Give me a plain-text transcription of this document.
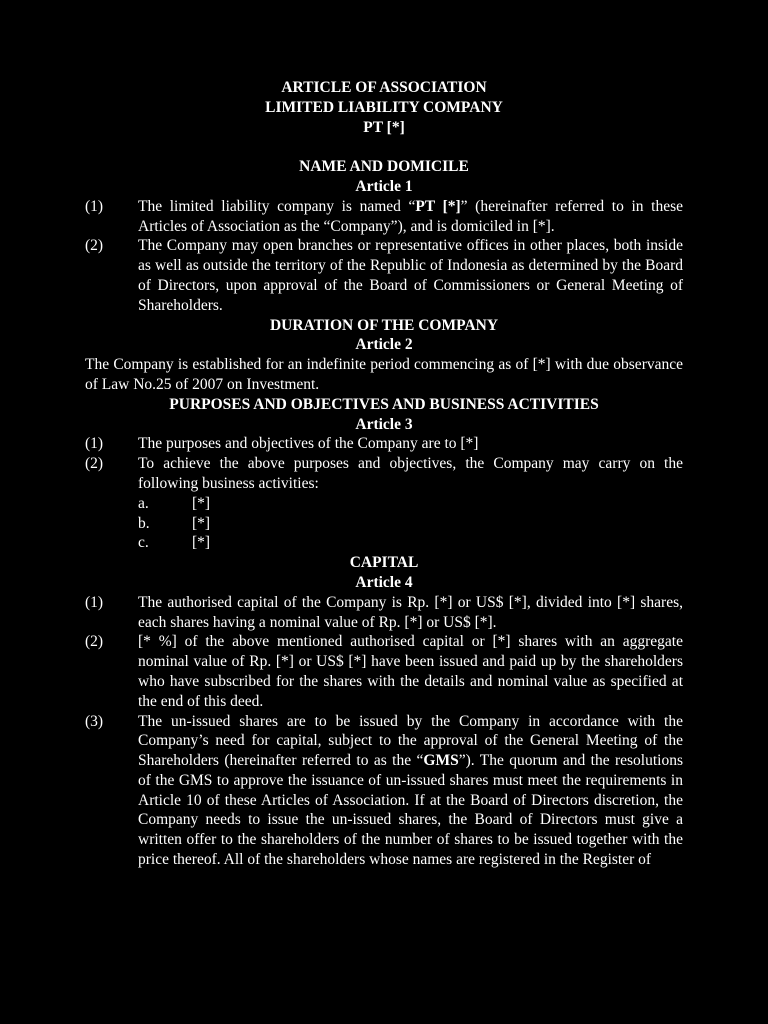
ARTICLE OF ASSOCIATION
LIMITED LIABILITY COMPANY
PT [*]
NAME AND DOMICILE
Article 1
(1)	The limited liability company is named “PT [*]” (hereinafter referred to in these Articles of Association as the “Company”), and is domiciled in [*].
(2)	The Company may open branches or representative offices in other places, both inside as well as outside the territory of the Republic of Indonesia as determined by the Board of Directors, upon approval of the Board of Commissioners or General Meeting of Shareholders.
DURATION OF THE COMPANY
Article 2
The Company is established for an indefinite period commencing as of [*] with due observance of Law No.25 of 2007 on Investment.
PURPOSES AND OBJECTIVES AND BUSINESS ACTIVITIES
Article 3
(1)	The purposes and objectives of the Company are to [*]
(2)	To achieve the above purposes and objectives, the Company may carry on the following business activities:
a.	[*]
b.	[*]
c.	[*]
CAPITAL
Article 4
(1)	The authorised capital of the Company is Rp. [*] or US$ [*], divided into [*] shares, each shares having a nominal value of Rp. [*] or US$ [*].
(2)	[* %] of the above mentioned authorised capital or [*] shares with an aggregate nominal value of Rp. [*] or US$ [*] have been issued and paid up by the shareholders who have subscribed for the shares with the details and nominal value as specified at the end of this deed.
(3)	The un-issued shares are to be issued by the Company in accordance with the Company’s need for capital, subject to the approval of the General Meeting of the Shareholders (hereinafter referred to as the “GMS”). The quorum and the resolutions of the GMS to approve the issuance of un-issued shares must meet the requirements in Article 10 of these Articles of Association. If at the Board of Directors discretion, the Company needs to issue the un-issued shares, the Board of Directors must give a written offer to the shareholders of the number of shares to be issued together with the price thereof. All of the shareholders whose names are registered in the Register of
